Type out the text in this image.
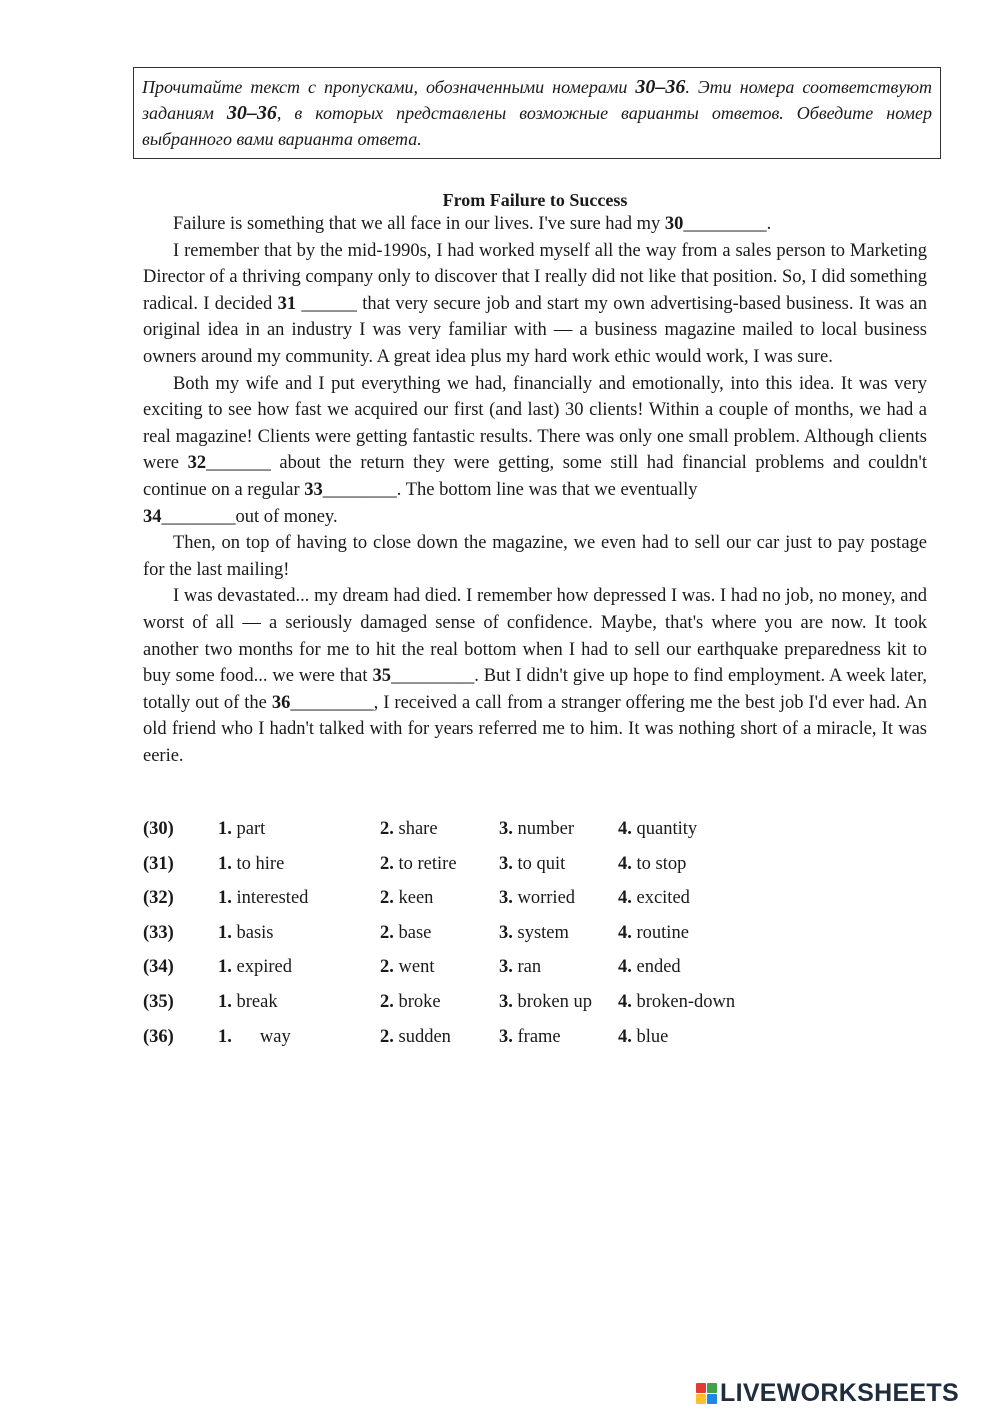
Прочитайте текст с пропусками, обозначенными номерами 30–36. Эти номера соответствуют заданиям 30–36, в которых представлены возможные варианты ответов. Обведите номер выбранного вами варианта ответа.
From Failure to Success

Failure is something that we all face in our lives. I've sure had my 30_________.

I remember that by the mid-1990s, I had worked myself all the way from a sales person to Marketing Director of a thriving company only to discover that I really did not like that position. So, I did something radical. I decided 31 ______ that very secure job and start my own advertising-based business. It was an original idea in an industry I was very familiar with — a business magazine mailed to local business owners around my community. A great idea plus my hard work ethic would work, I was sure.

Both my wife and I put everything we had, financially and emotionally, into this idea. It was very exciting to see how fast we acquired our first (and last) 30 clients! Within a couple of months, we had a real magazine! Clients were getting fantastic results. There was only one small problem. Although clients were 32_______ about the return they were getting, some still had financial problems and couldn't continue on a regular 33________. The bottom line was that we eventually
34________out of money.

Then, on top of having to close down the magazine, we even had to sell our car just to pay postage for the last mailing!

I was devastated... my dream had died. I remember how depressed I was. I had no job, no money, and worst of all — a seriously damaged sense of confidence. Maybe, that's where you are now. It took another two months for me to hit the real bottom when I had to sell our earthquake preparedness kit to buy some food... we were that 35_________. But I didn't give up hope to find employment. A week later, totally out of the 36_________, I received a call from a stranger offering me the best job I'd ever had. An old friend who I hadn't talked with for years referred me to him. It was nothing short of a miracle, It was eerie.

(30) 1. part	2. share	3. number 4. quantity
(31) 1. to hire	2. to retire 3. to quit	4. to stop
(32) 1. interested	2. keen	3. worried 4. excited
(33) 1. basis	2. base	3. system	4. routine
(34) 1. expired	2. went	3. ran	4. ended
(35) 1. break	2. broke	3. broken up 4. broken-down
(36) 1. way	2. sudden	3. frame	4. blue
LIVEWORKSHEETS
